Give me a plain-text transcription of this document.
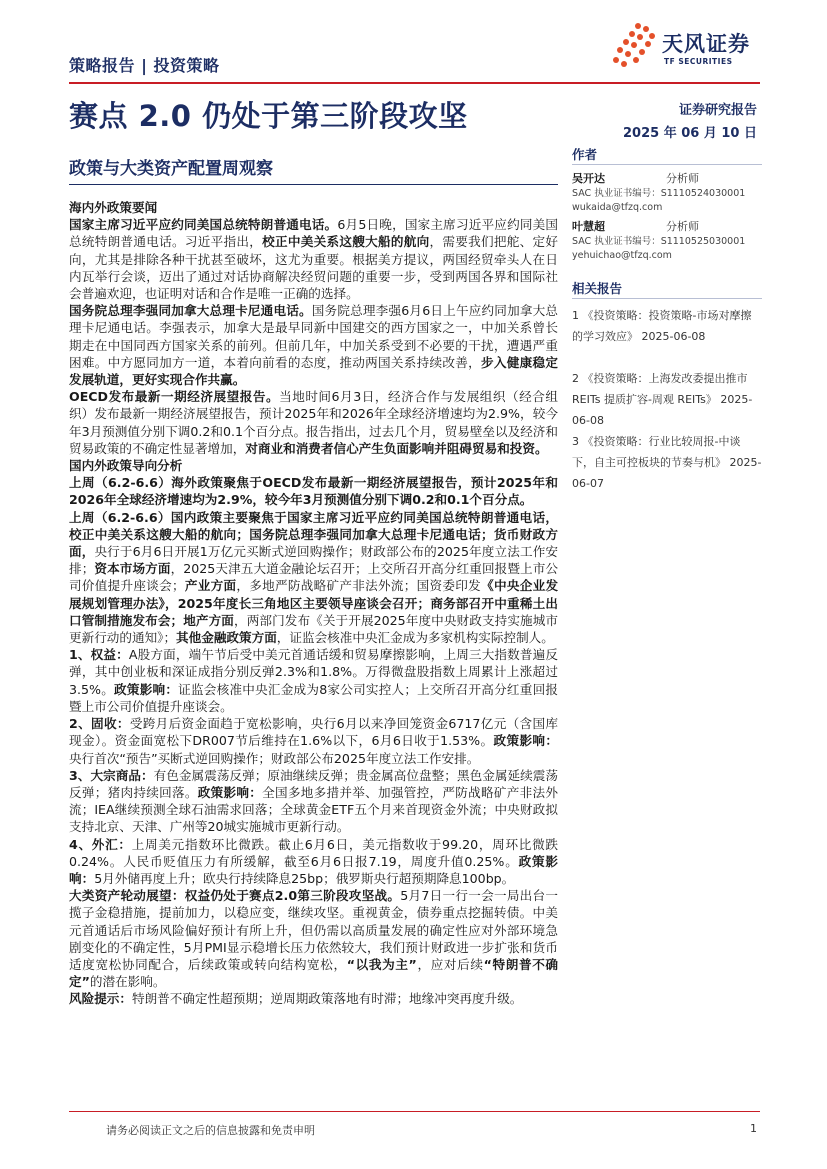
策略报告 | 投资策略
天风证券
TF SECURITIES
赛点 2.0 仍处于第三阶段攻坚	证券研究报告
2025 年 06 月 10 日
政策与大类资产配置周观察

海内外政策要闻

国家主席习近平应约同美国总统特朗普通电话。6月5日晚，国家主席习近平应约同美国总统特朗普通电话。习近平指出，校正中美关系这艘大船的航向，需要我们把舵、定好向，尤其是排除各种干扰甚至破坏，这尤为重要。根据美方提议，两国经贸牵头人在日内瓦举行会谈，迈出了通过对话协商解决经贸问题的重要一步，受到两国各界和国际社会普遍欢迎，也证明对话和合作是唯一正确的选择。

国务院总理李强同加拿大总理卡尼通电话。国务院总理李强6月6日上午应约同加拿大总理卡尼通电话。李强表示，加拿大是最早同新中国建交的西方国家之一，中加关系曾长期走在中国同西方国家关系的前列。但前几年，中加关系受到不必要的干扰，遭遇严重困难。中方愿同加方一道，本着向前看的态度，推动两国关系持续改善，步入健康稳定发展轨道，更好实现合作共赢。

OECD发布最新一期经济展望报告。当地时间6月3日，经济合作与发展组织（经合组织）发布最新一期经济展望报告，预计2025年和2026年全球经济增速均为2.9%，较今年3月预测值分别下调0.2和0.1个百分点。报告指出，过去几个月，贸易壁垒以及经济和贸易政策的不确定性显著增加，对商业和消费者信心产生负面影响并阻碍贸易和投资。

国内外政策导向分析

上周（6.2-6.6）海外政策聚焦于OECD发布最新一期经济展望报告，预计2025年和2026年全球经济增速均为2.9%，较今年3月预测值分别下调0.2和0.1个百分点。

上周（6.2-6.6）国内政策主要聚焦于国家主席习近平应约同美国总统特朗普通电话，校正中美关系这艘大船的航向；国务院总理李强同加拿大总理卡尼通电话；货币财政方面，央行于6月6日开展1万亿元买断式逆回购操作；财政部公布的2025年度立法工作安排；资本市场方面，2025天津五大道金融论坛召开；上交所召开高分红重回报暨上市公司价值提升座谈会；产业方面，多地严防战略矿产非法外流；国资委印发《中央企业发展规划管理办法》，2025年度长三角地区主要领导座谈会召开；商务部召开中重稀土出口管制措施发布会；地产方面，两部门发布《关于开展2025年度中央财政支持实施城市更新行动的通知》；其他金融政策方面，证监会核准中央汇金成为多家机构实际控制人。

1、权益：A股方面，端午节后受中美元首通话缓和贸易摩擦影响，上周三大指数普遍反弹，其中创业板和深证成指分别反弹2.3%和1.8%。万得微盘股指数上周累计上涨超过3.5%。政策影响：证监会核准中央汇金成为8家公司实控人；上交所召开高分红重回报暨上市公司价值提升座谈会。

2、固收：受跨月后资金面趋于宽松影响，央行6月以来净回笼资金6717亿元（含国库现金）。资金面宽松下DR007节后维持在1.6%以下，6月6日收于1.53%。政策影响：央行首次“预告”买断式逆回购操作；财政部公布2025年度立法工作安排。

3、大宗商品：有色金属震荡反弹；原油继续反弹；贵金属高位盘整；黑色金属延续震荡反弹；猪肉持续回落。政策影响：全国多地多措并举、加强管控，严防战略矿产非法外流；IEA继续预测全球石油需求回落；全球黄金ETF五个月来首现资金外流；中央财政拟支持北京、天津、广州等20城实施城市更新行动。

4、外汇：上周美元指数环比微跌。截止6月6日，美元指数收于99.20，周环比微跌0.24%。人民币贬值压力有所缓解，截至6月6日报7.19，周度升值0.25%。政策影响：5月外储再度上升；欧央行持续降息25bp；俄罗斯央行超预期降息100bp。

大类资产轮动展望：权益仍处于赛点2.0第三阶段攻坚战。5月7日一行一会一局出台一揽子金稳措施，提前加力，以稳应变，继续攻坚。重视黄金，债券重点挖掘转债。中美元首通话后市场风险偏好预计有所上升，但仍需以高质量发展的确定性应对外部环境急剧变化的不确定性，5月PMI显示稳增长压力依然较大，我们预计财政进一步扩张和货币适度宽松协同配合，后续政策或转向结构宽松，“以我为主”，应对后续“特朗普不确定”的潜在影响。

风险提示：特朗普不确定性超预期；逆周期政策落地有时滞；地缘冲突再度升级。

作者
吴开达	分析师
SAC 执业证书编号：S1110524030001
wukaida@tfzq.com
叶慧超	分析师
SAC 执业证书编号：S1110525030001
yehuichao@tfzq.com
相关报告
1 《投资策略：投资策略-市场对摩擦的学习效应》 2025-06-08
2 《投资策略：上海发改委提出推市 REITs 提质扩容-周观 REITs》 2025-06-08
3 《投资策略：行业比较周报-中谈下，自主可控板块的节奏与机》 2025-06-07
请务必阅读正文之后的信息披露和免责申明	1
